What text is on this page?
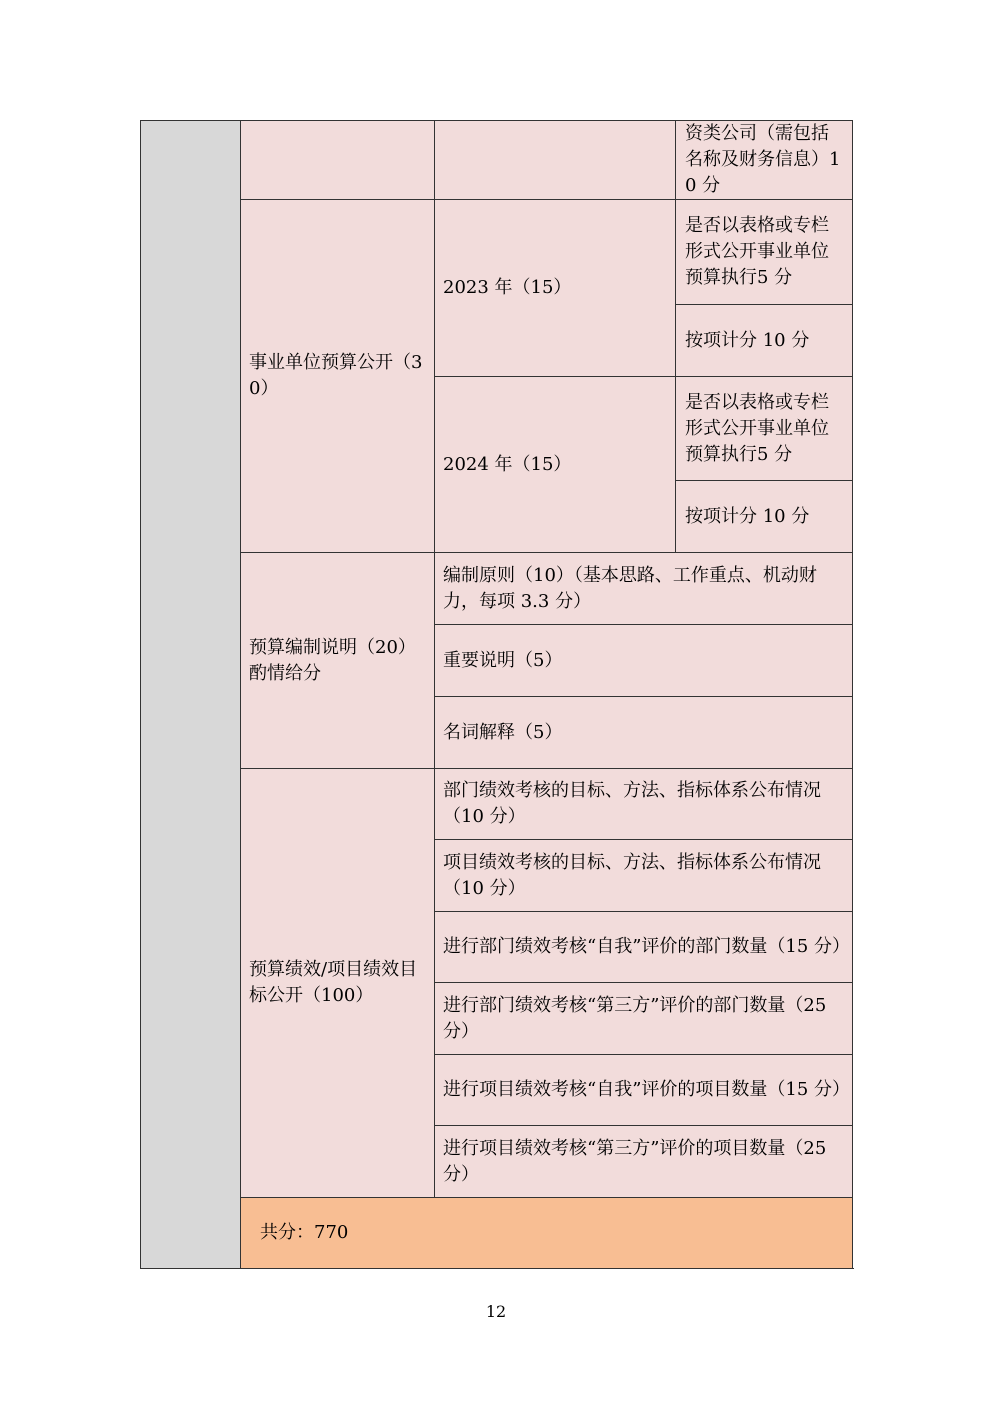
			资类公司（需包括名称及财务信息）10 分
	事业单位预算公开（30）	2023 年（15）	是否以表格或专栏形式公开事业单位预算执行5 分
			按项计分 10 分
		2024 年（15）	是否以表格或专栏形式公开事业单位预算执行5 分
			按项计分 10 分
	预算编制说明（20）酌情给分	编制原则（10）（基本思路、工作重点、机动财力，每项 3.3 分）	
		重要说明（5）	
		名词解释（5）	
	预算绩效/项目绩效目标公开（100）	部门绩效考核的目标、方法、指标体系公布情况（10 分）	
		项目绩效考核的目标、方法、指标体系公布情况（10 分）	
		进行部门绩效考核“自我”评价的部门数量（15 分）	
		进行部门绩效考核“第三方”评价的部门数量（25 分）	
		进行项目绩效考核“自我”评价的项目数量（15 分）	
		进行项目绩效考核“第三方”评价的项目数量（25 分）	
	共分：770		
12
